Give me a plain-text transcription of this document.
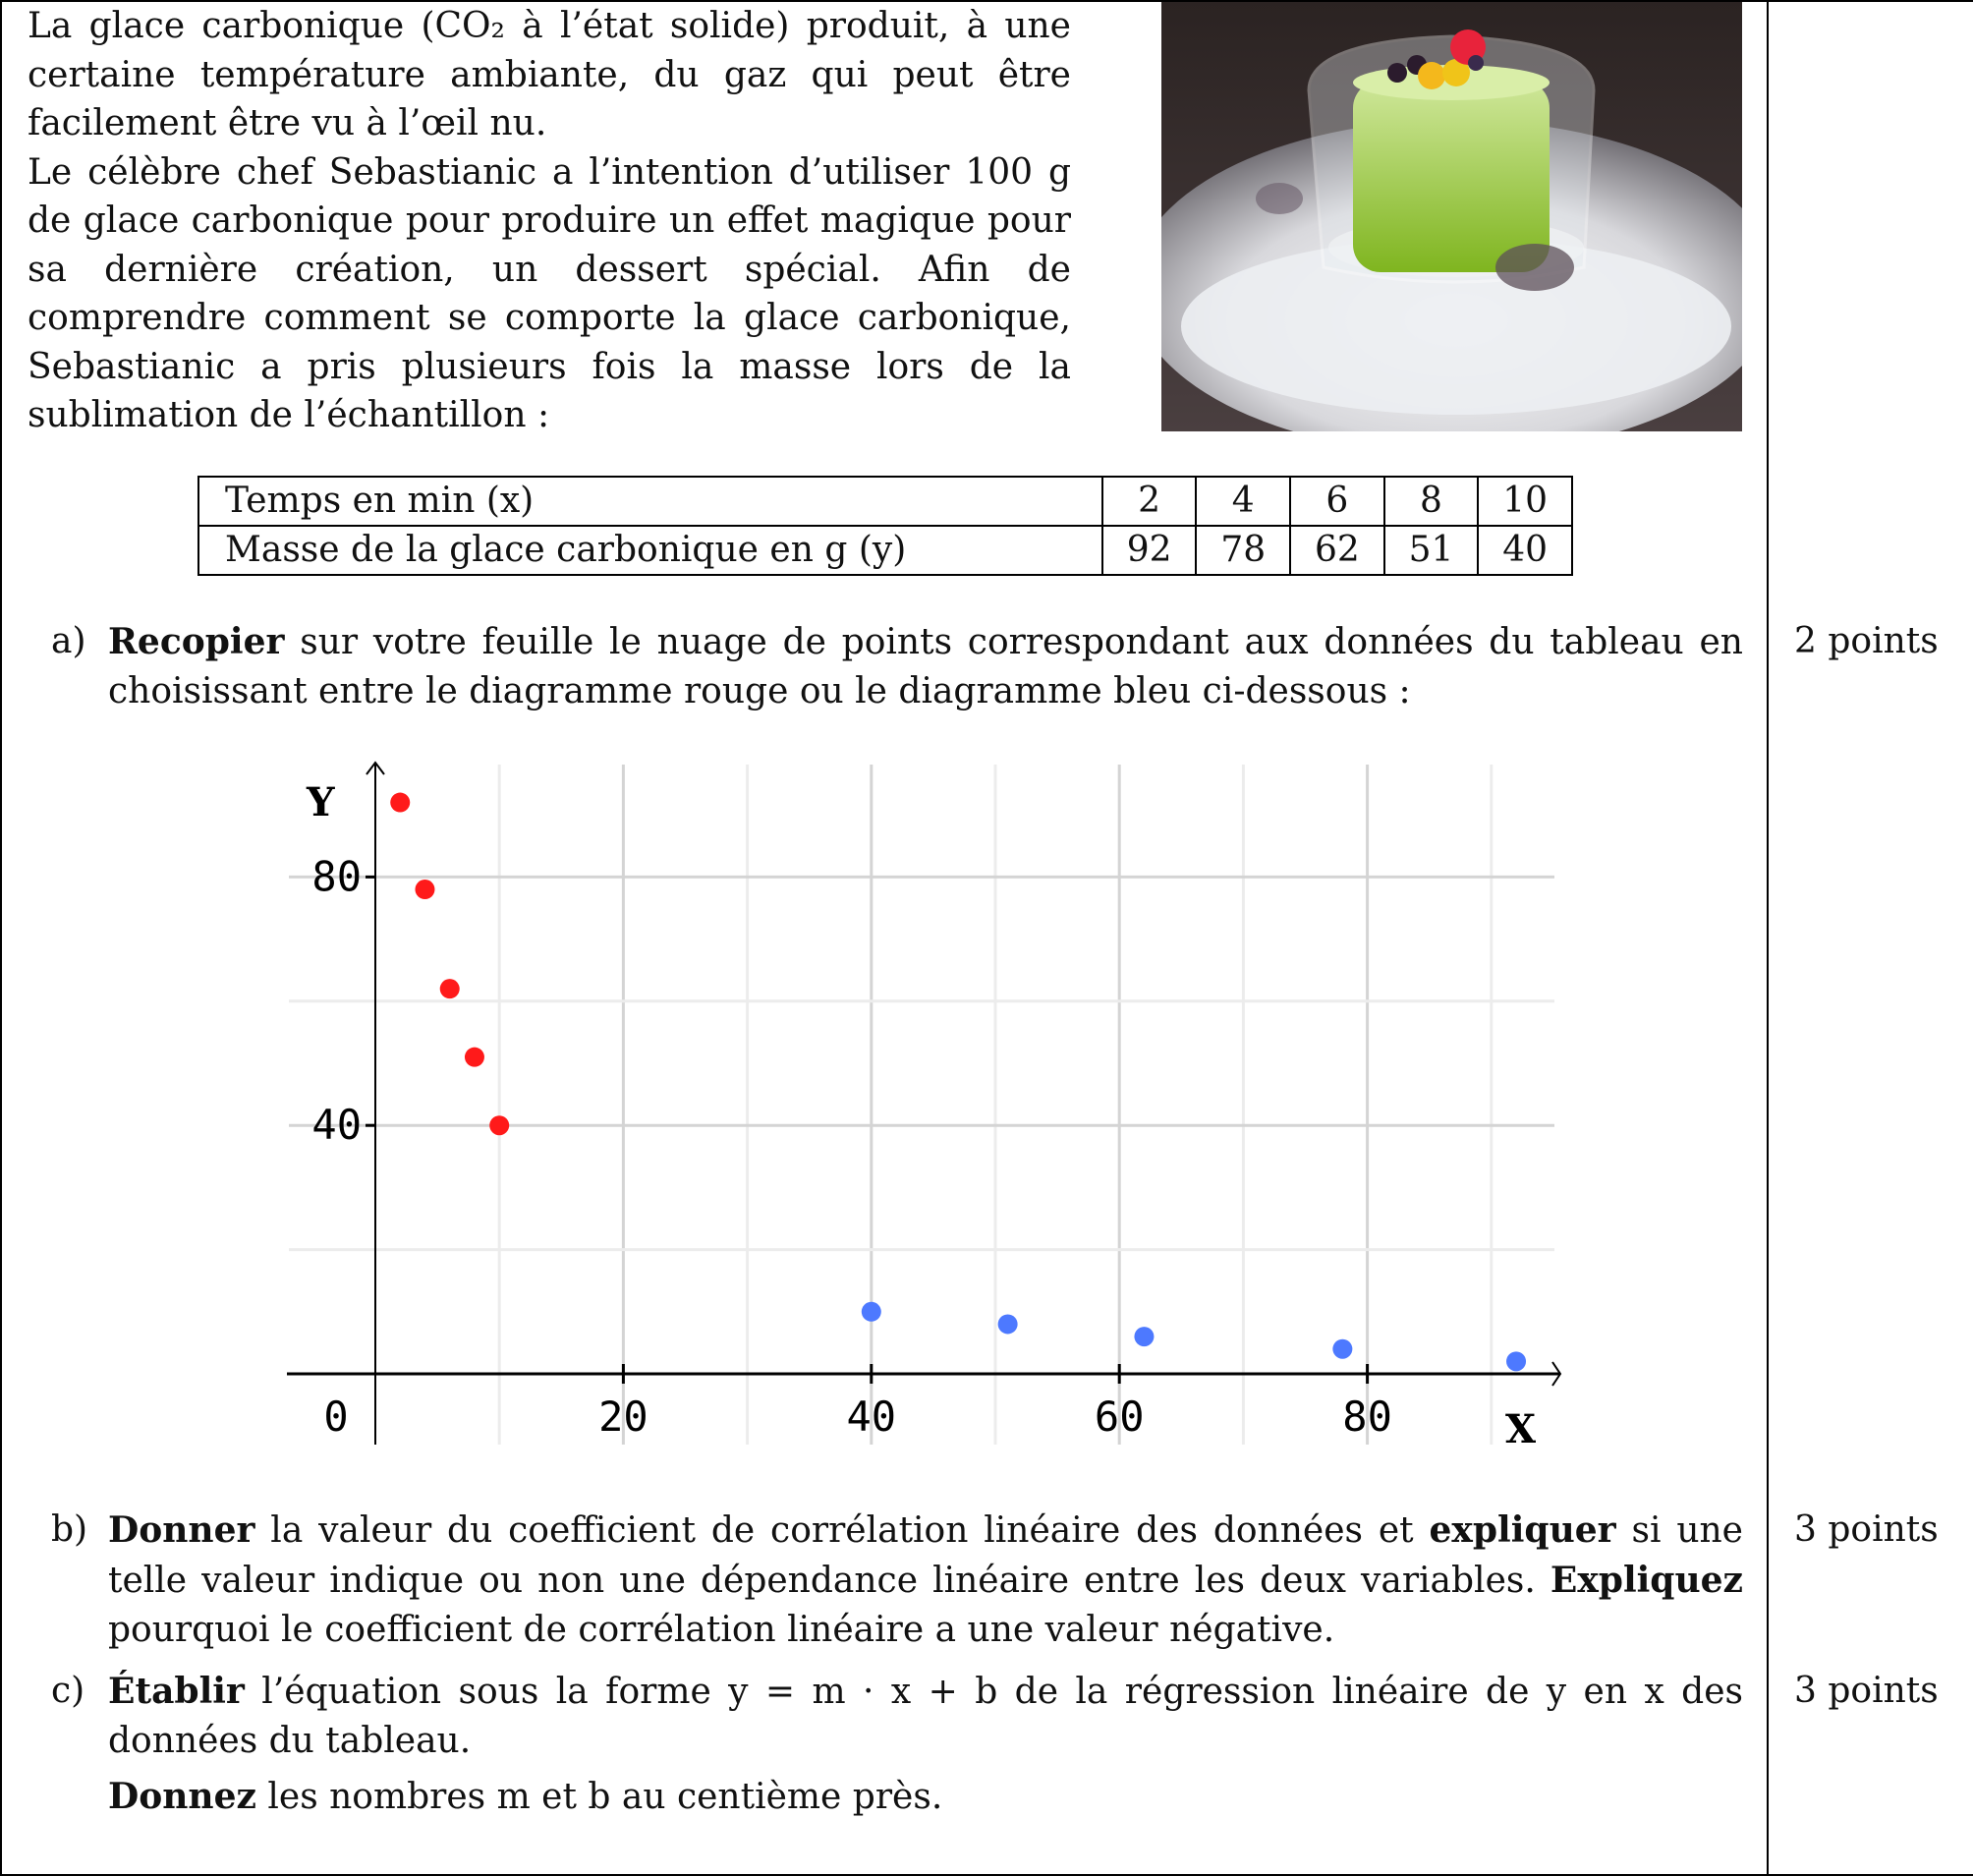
La glace carbonique (CO₂ à l’état solide) produit, à une certaine température ambiante, du gaz qui peut être facilement être vu à l’œil nu.

Le célèbre chef Sebastianic a l’intention d’utiliser 100 g de glace carbonique pour produire un effet magique pour sa dernière création, un dessert spécial. Afin de comprendre comment se comporte la glace carbonique, Sebastianic a pris plusieurs fois la masse lors de la sublimation de l’échantillon :

Temps en min (x)	2	4	6	8	10
Masse de la glace carbonique en g (y)	92	78	62	51	40
a) Recopier sur votre feuille le nuage de points correspondant aux données du tableau en choisissant entre le diagramme rouge ou le diagramme bleu ci-dessous :
2 points
0	20	40	60	80
40
80
X
Y
b) Donner la valeur du coefficient de corrélation linéaire des données et expliquer si une telle valeur indique ou non une dépendance linéaire entre les deux variables. Expliquez pourquoi le coefficient de corrélation linéaire a une valeur négative.
3 points
c) Établir l’équation sous la forme y = m · x + b de la régression linéaire de y en x des données du tableau.
Donnez les nombres m et b au centième près.
3 points
